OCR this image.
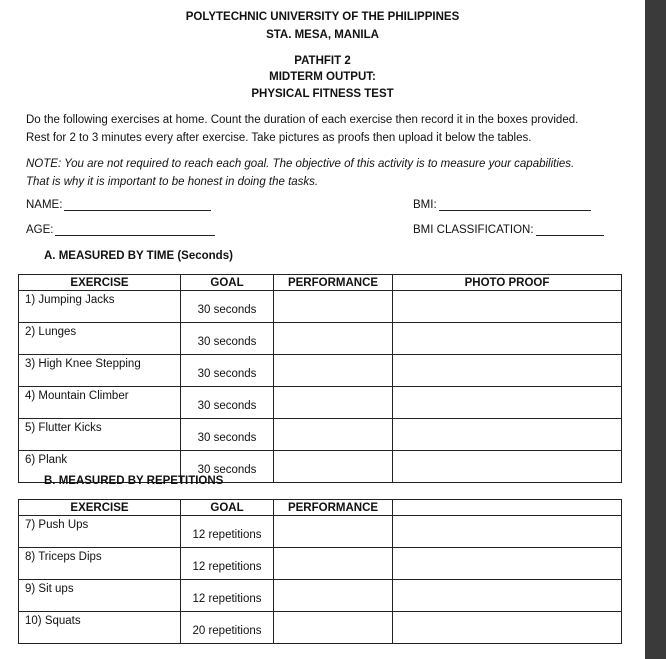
POLYTECHNIC UNIVERSITY OF THE PHILIPPINES
STA. MESA, MANILA
PATHFIT 2
MIDTERM OUTPUT:
PHYSICAL FITNESS TEST
Do the following exercises at home. Count the duration of each exercise then record it in the boxes provided.
Rest for 2 to 3 minutes every after exercise. Take pictures as proofs then upload it below the tables.
NOTE: You are not required to reach each goal. The objective of this activity is to measure your capabilities.
That is why it is important to be honest in doing the tasks.
NAME:	BMI:
AGE:	BMI CLASSIFICATION:
A. MEASURED BY TIME (Seconds)
EXERCISE	GOAL	PERFORMANCE	PHOTO PROOF
1) Jumping Jacks	30 seconds		
2) Lunges	30 seconds		
3) High Knee Stepping	30 seconds		
4) Mountain Climber	30 seconds		
5) Flutter Kicks	30 seconds		
6) Plank	30 seconds		
B. MEASURED BY REPETITIONS
EXERCISE	GOAL	PERFORMANCE	
7) Push Ups	12 repetitions		
8) Triceps Dips	12 repetitions		
9) Sit ups	12 repetitions		
10) Squats	20 repetitions		
